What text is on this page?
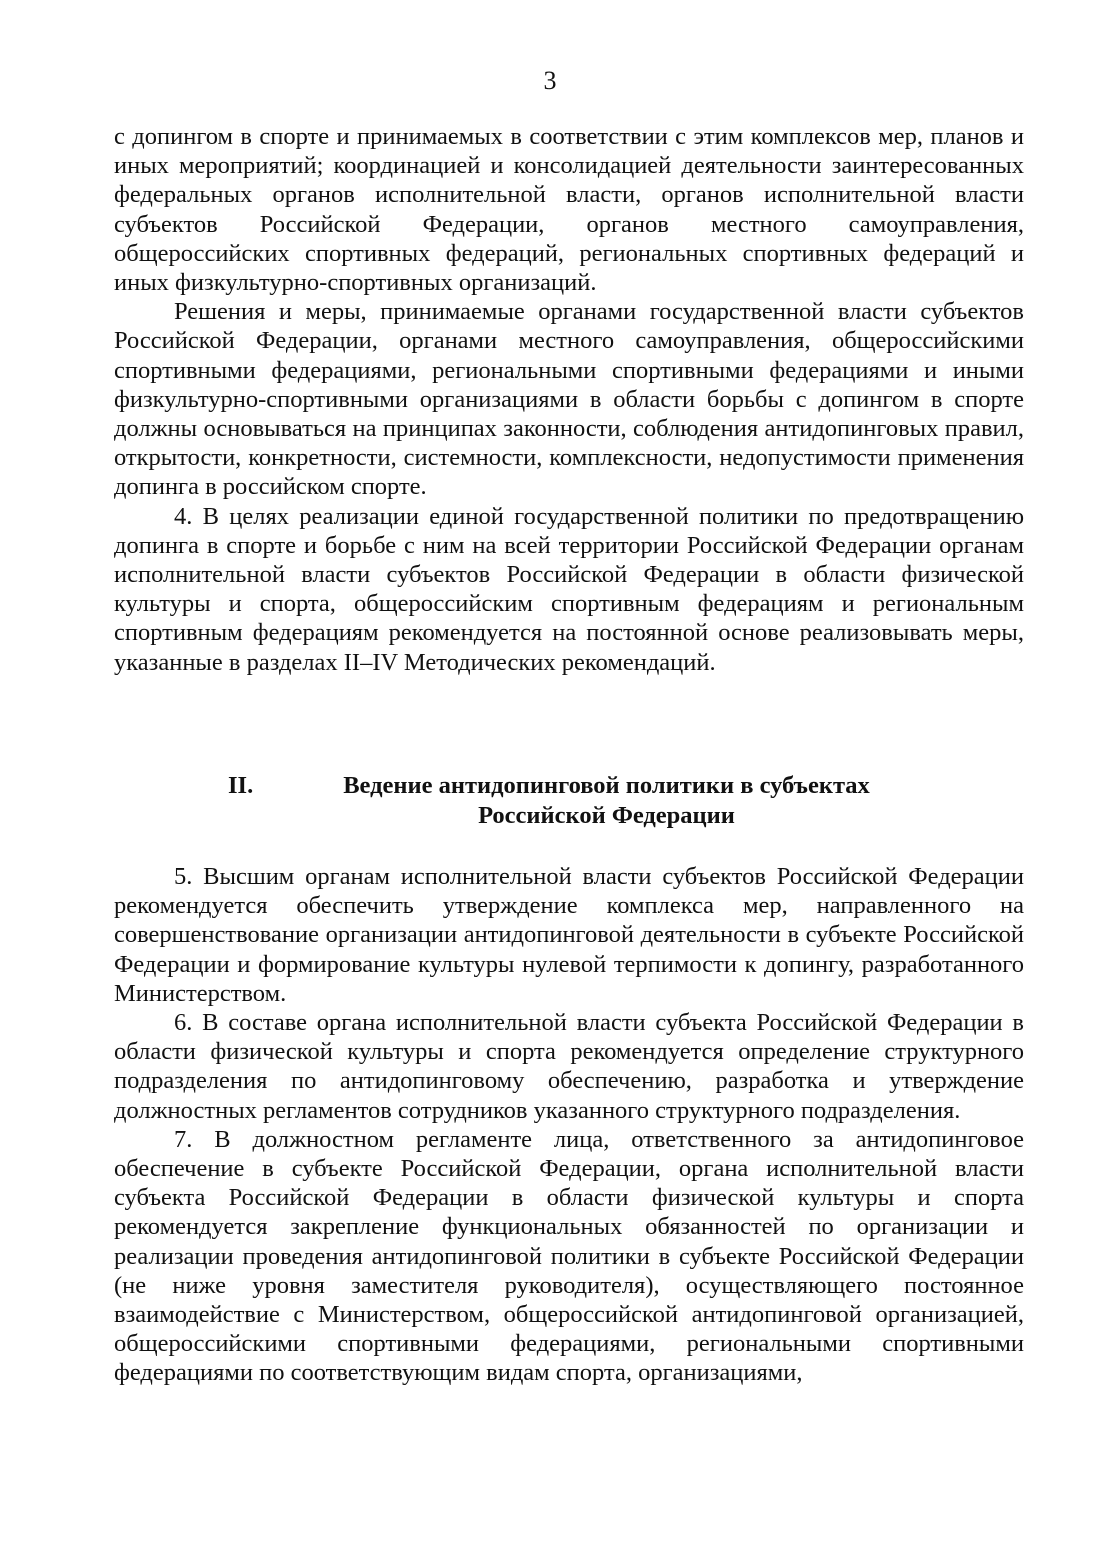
3

с допингом в спорте и принимаемых в соответствии с этим комплексов мер, планов и иных мероприятий; координацией и консолидацией деятельности заинтересованных федеральных органов исполнительной власти, органов исполнительной власти субъектов Российской Федерации, органов местного самоуправления, общероссийских спортивных федераций, региональных спортивных федераций и иных физкультурно-спортивных организаций.

Решения и меры, принимаемые органами государственной власти субъектов Российской Федерации, органами местного самоуправления, общероссийскими спортивными федерациями, региональными спортивными федерациями и иными физкультурно-спортивными организациями в области борьбы с допингом в спорте должны основываться на принципах законности, соблюдения антидопинговых правил, открытости, конкретности, системности, комплексности, недопустимости применения допинга в российском спорте.

4. В целях реализации единой государственной политики по предотвращению допинга в спорте и борьбе с ним на всей территории Российской Федерации органам исполнительной власти субъектов Российской Федерации в области физической культуры и спорта, общероссийским спортивным федерациям и региональным спортивным федерациям рекомендуется на постоянной основе реализовывать меры, указанные в разделах II–IV Методических рекомендаций.

II.	Ведение антидопинговой политики в субъектах
Российской Федерации

5. Высшим органам исполнительной власти субъектов Российской Федерации рекомендуется обеспечить утверждение комплекса мер, направленного на совершенствование организации антидопинговой деятельности в субъекте Российской Федерации и формирование культуры нулевой терпимости к допингу, разработанного Министерством.

6. В составе органа исполнительной власти субъекта Российской Федерации в области физической культуры и спорта рекомендуется определение структурного подразделения по антидопинговому обеспечению, разработка и утверждение должностных регламентов сотрудников указанного структурного подразделения.

7. В должностном регламенте лица, ответственного за антидопинговое обеспечение в субъекте Российской Федерации, органа исполнительной власти субъекта Российской Федерации в области физической культуры и спорта рекомендуется закрепление функциональных обязанностей по организации и реализации проведения антидопинговой политики в субъекте Российской Федерации (не ниже уровня заместителя руководителя), осуществляющего постоянное взаимодействие с Министерством, общероссийской антидопинговой организацией, общероссийскими спортивными федерациями, региональными спортивными федерациями по соответствующим видам спорта, организациями,
